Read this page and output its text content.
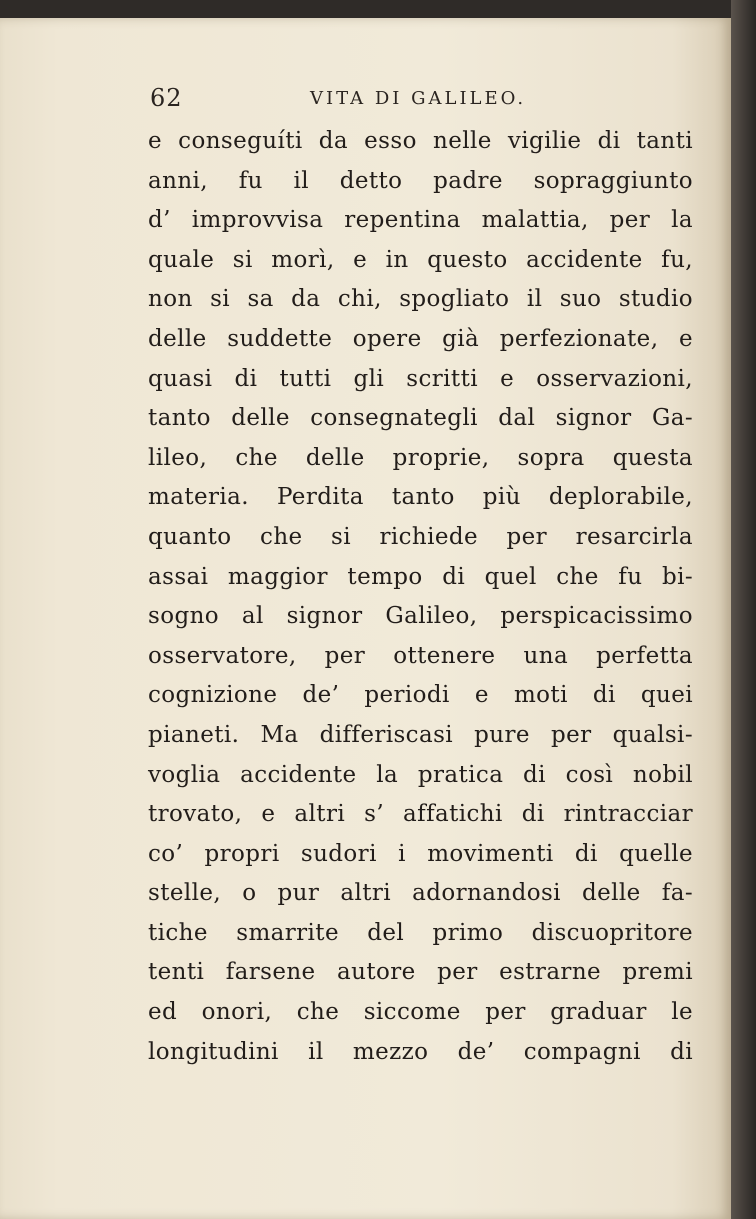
62	VITA DI GALILEO.
e conseguíti da esso nelle vigilie di tanti
anni, fu il detto padre sopraggiunto
d’ improvvisa repentina malattia, per la
quale si morì, e in questo accidente fu,
non si sa da chi, spogliato il suo studio
delle suddette opere già perfezionate, e
quasi di tutti gli scritti e osservazioni,
tanto delle consegnategli dal signor Ga-
lileo, che delle proprie, sopra questa
materia. Perdita tanto più deplorabile,
quanto che si richiede per resarcirla
assai maggior tempo di quel che fu bi-
sogno al signor Galileo, perspicacissimo
osservatore, per ottenere una perfetta
cognizione de’ periodi e moti di quei
pianeti. Ma differiscasi pure per qualsi-
voglia accidente la pratica di così nobil
trovato, e altri s’ affatichi di rintracciar
co’ propri sudori i movimenti di quelle
stelle, o pur altri adornandosi delle fa-
tiche smarrite del primo discuopritore
tenti farsene autore per estrarne premi
ed onori, che siccome per graduar le
longitudini il mezzo de’ compagni di
